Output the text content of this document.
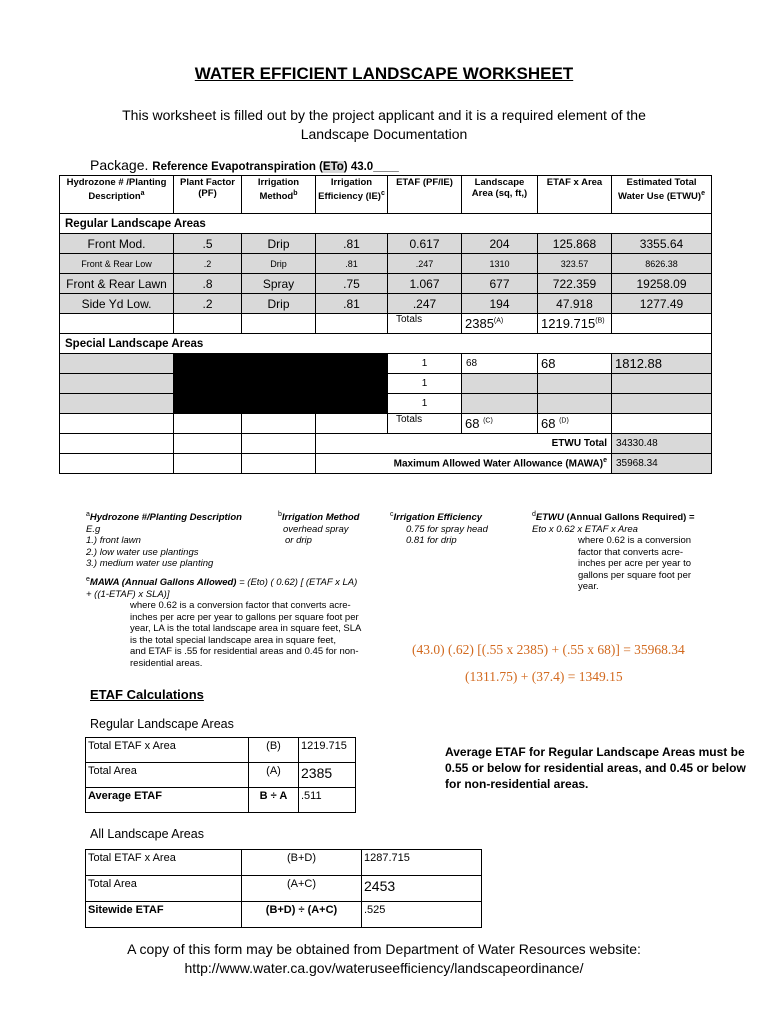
WATER EFFICIENT LANDSCAPE WORKSHEET
This worksheet is filled out by the project applicant and it is a required element of the
Landscape Documentation
Package. Reference Evapotranspiration (ETo) 43.0____
Hydrozone # /Planting Description$^a$	Plant Factor (PF)	Irrigation Method$^b$	Irrigation Efficiency (IE)$^c$	ETAF (PF/IE)	Landscape Area (sq, ft,)	ETAF x Area	Estimated Total Water Use (ETWU)$^e$
Regular Landscape Areas							
Front Mod.	.5	Drip	.81	0.617	204	125.868	3355.64
Front & Rear Low	.2	Drip	.81	.247	1310	323.57	8626.38
Front & Rear Lawn	.8	Spray	.75	1.067	677	722.359	19258.09
Side Yd Low.	.2	Drip	.81	.247	194	47.918	1277.49
				Totals	$2385^{(A)}$	$1219.715^{(B)}$	
Special Landscape Areas							
				1	68	68	1812.88
				1			
				1			
				Totals	68 $^{(C)}$	68 $^{(D)}$	
			ETWU Total				34330.48
			Maximum Allowed Water Allowance (MAWA)$^e$				35968.34
$^a$Hydrozone #/Planting Description
E.g
1.) front lawn
2.) low water use plantings
3.) medium water use planting
$^b$Irrigation Method
overhead spray
or drip
$^c$Irrigation Efficiency
0.75 for spray head
0.81 for drip
$^d$ETWU (Annual Gallons Required) =
Eto x 0.62 x ETAF x Area
where 0.62 is a conversion
factor that converts acre-
inches per acre per year to
gallons per square foot per
year.
$^e$MAWA (Annual Gallons Allowed) = (Eto) ( 0.62) [ (ETAF x LA)
+ ((1-ETAF) x SLA)]
where 0.62 is a conversion factor that converts acre-
inches per acre per year to gallons per square foot per
year, LA is the total landscape area in square feet, SLA
is the total special landscape area in square feet,
and ETAF is .55 for residential areas and 0.45 for non-
residential areas.
(43.0) (.62) [(.55 x 2385) + (.55 x 68)] = 35968.34
(1311.75) + (37.4) = 1349.15
ETAF Calculations
Regular Landscape Areas
Total ETAF x Area	(B)	1219.715
Total Area	(A)	2385
Average ETAF	B ÷ A	.511
Average ETAF for Regular Landscape Areas must be 0.55 or below for residential areas, and 0.45 or below for non-residential areas.
All Landscape Areas
Total ETAF x Area	(B+D)	1287.715
Total Area	(A+C)	2453
Sitewide ETAF	(B+D) ÷ (A+C)	.525
A copy of this form may be obtained from Department of Water Resources website:
http://www.water.ca.gov/wateruseefficiency/landscapeordinance/
